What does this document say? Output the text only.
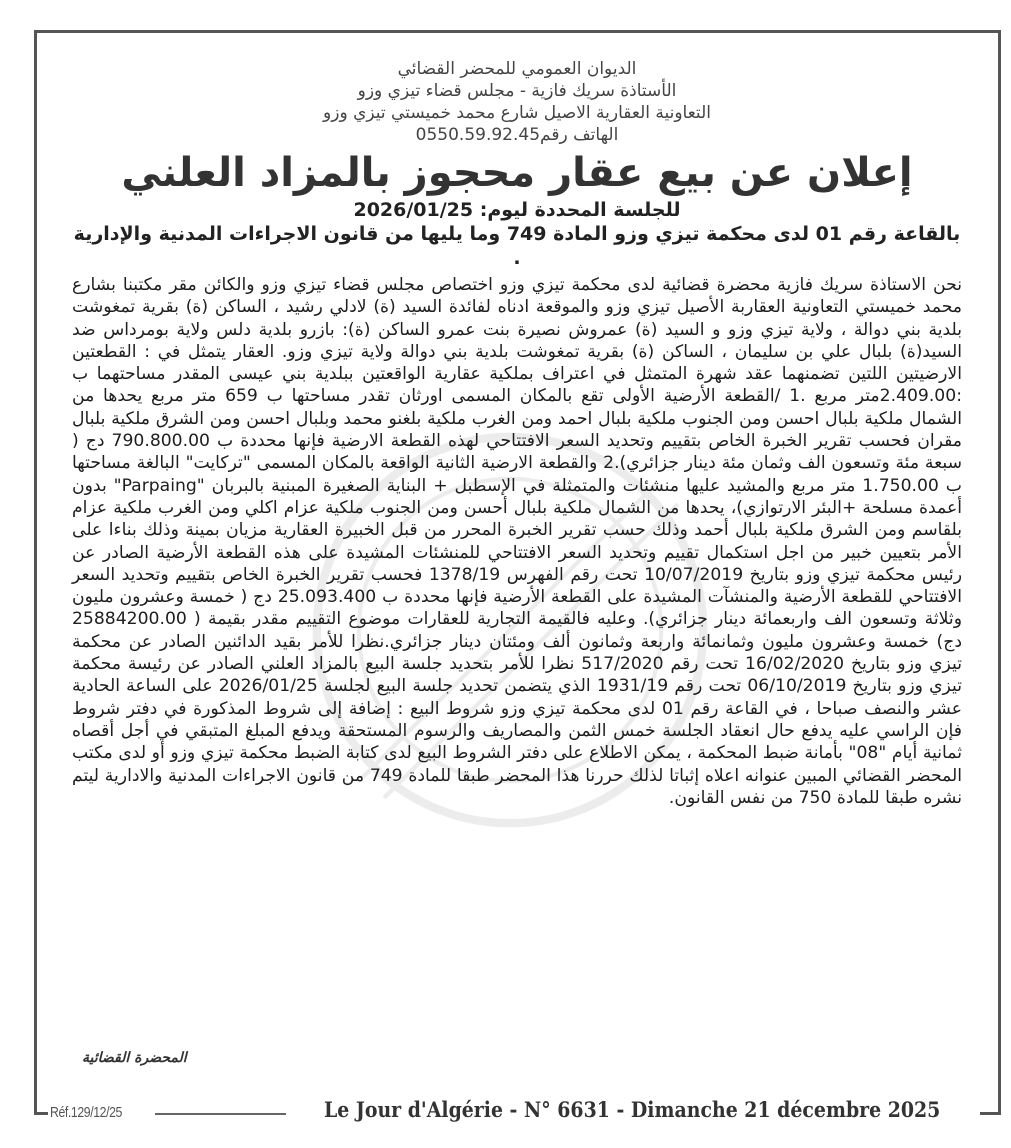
الديوان العمومي للمحضر القضائي
الأستاذة سريك فازية - مجلس قضاء تيزي وزو
التعاونية العقارية الاصيل شارع محمد خميستي تيزي وزو
الهاتف رقم0550.59.92.45
إعلان عن بيع عقار محجوز بالمزاد العلني
للجلسة المحددة ليوم: 2026/01/25
بالقاعة رقم 01 لدى محكمة تيزي وزو المادة 749 وما يليها من قانون الاجراءات المدنية والإدارية .

نحن الاستاذة سريك فازية محضرة قضائية لدى محكمة تيزي وزو اختصاص مجلس قضاء تيزي وزو والكائن مقر مكتبنا بشارع محمد خميستي التعاونية العقاربة الأصيل تيزي وزو والموقعة ادناه لفائدة السيد (ة) لادلي رشيد ، الساكن (ة) بقرية تمغوشت بلدية بني دوالة ، ولاية تيزي وزو و السيد (ة) عمروش نصيرة بنت عمرو الساكن (ة): بازرو بلدية دلس ولاية بومرداس ضد السيد(ة) بلبال علي بن سليمان ، الساكن (ة) بقرية تمغوشت بلدية بني دوالة ولاية تيزي وزو. العقار يتمثل في : القطعتين الارضيتين اللتين تضمنهما عقد شهرة المتمثل في اعتراف بملكية عقارية الواقعتين ببلدية بني عيسى المقدر مساحتهما ب :2.409.00متر مربع .1 /القطعة الأرضية الأولى تقع بالمكان المسمى اورثان تقدر مساحتها ب 659 متر مربع يحدها من الشمال ملكية بلبال احسن ومن الجنوب ملكية بلبال احمد ومن الغرب ملكية بلغنو محمد وبلبال احسن ومن الشرق ملكية بلبال مقران فحسب تقرير الخبرة الخاص بتقييم وتحديد السعر الافتتاحي لهذه القطعة الارضية فإنها محددة ب 790.800.00 دج ( سبعة مئة وتسعون الف وثمان مئة دينار جزائري).2 والقطعة الارضية الثانية الواقعة بالمكان المسمى "تركايت" البالغة مساحتها ب 1.750.00 متر مربع والمشيد عليها منشئات والمتمثلة في الإسطبل + البناية الصغيرة المبنية بالبربان "Parpaing" بدون أعمدة مسلحة +البئر الارتوازي)، يحدها من الشمال ملكية بلبال أحسن ومن الجنوب ملكية عزام اكلي ومن الغرب ملكية عزام بلقاسم ومن الشرق ملكية بلبال أحمد وذلك حسب تقرير الخبرة المحرر من قبل الخبيرة العقارية مزيان بمينة وذلك بناءا على الأمر بتعيين خبير من اجل استكمال تقييم وتحديد السعر الافتتاحي للمنشئات المشيدة على هذه القطعة الأرضية الصادر عن رئيس محكمة تيزي وزو بتاريخ 10/07/2019 تحت رقم الفهرس 1378/19 فحسب تقرير الخبرة الخاص بتقييم وتحديد السعر الافتتاحي للقطعة الأرضية والمنشآت المشيدة على القطعة الأرضية فإنها محددة ب 25.093.400 دج ( خمسة وعشرون مليون وثلاثة وتسعون الف واربعمائة دينار جزائري). وعليه فالقيمة التجارية للعقارات موضوع التقييم مقدر بقيمة ( 25884200.00 دج) خمسة وعشرون مليون وثمانمائة واربعة وثمانون ألف ومئتان دينار جزائري.نظرا للأمر بقيد الدائنين الصادر عن محكمة تيزي وزو بتاريخ 16/02/2020 تحت رقم 517/2020 نظرا للأمر بتحديد جلسة البيع بالمزاد العلني الصادر عن رئيسة محكمة تيزي وزو بتاريخ 06/10/2019 تحت رقم 1931/19 الذي يتضمن تحديد جلسة البيع لجلسة 2026/01/25 على الساعة الحادية عشر والنصف صباحا ، في القاعة رقم 01 لدى محكمة تيزي وزو شروط البيع : إضافة إلى شروط المذكورة في دفتر شروط فإن الراسي عليه يدفع حال انعقاد الجلسة خمس الثمن والمصاريف والرسوم المستحقة ويدفع المبلغ المتبقي في أجل أقصاه ثمانية أيام "08" بأمانة ضبط المحكمة ، يمكن الاطلاع على دفتر الشروط البيع لدى كتابة الضبط محكمة تيزي وزو أو لدى مكتب المحضر القضائي المبين عنوانه اعلاه إثباتا لذلك حررنا هذا المحضر طبقا للمادة 749 من قانون الاجراءات المدنية والادارية ليتم نشره طبقا للمادة 750 من نفس القانون.

المحضرة القضائية
Réf.129/12/25	Le Jour d'Algérie - N° 6631 - Dimanche 21 décembre 2025
